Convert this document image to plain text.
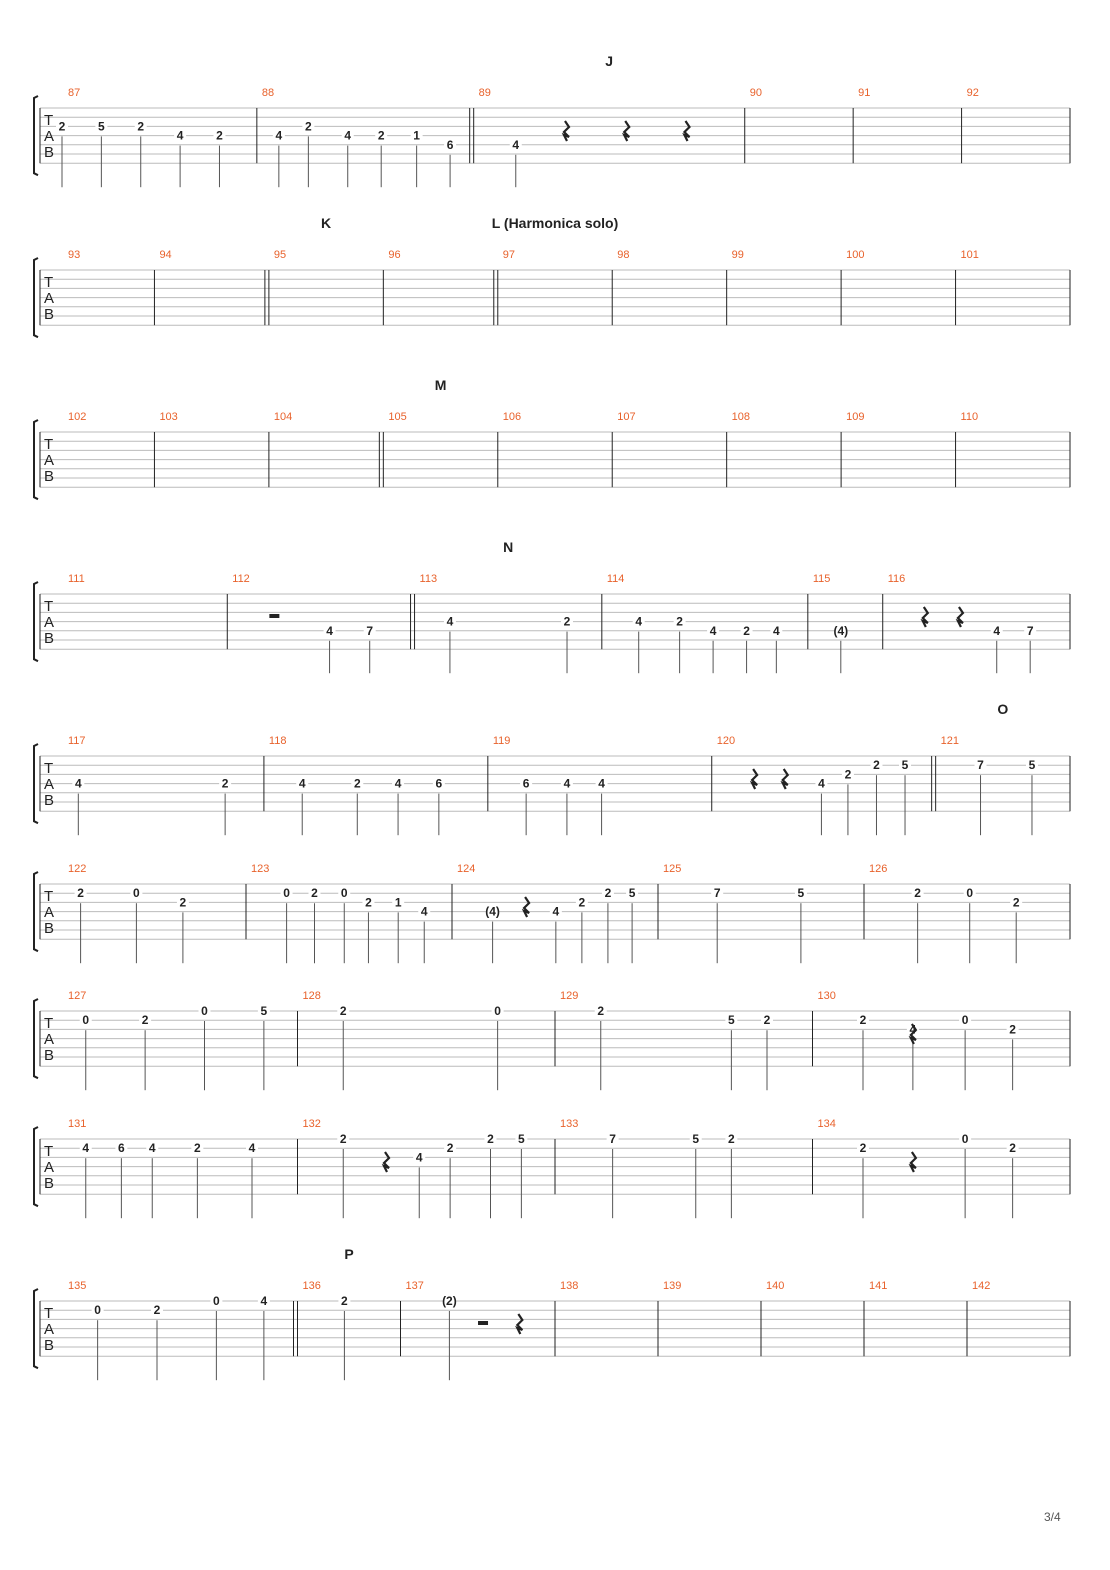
T
A
B
87	88	89	90	91	92
J
2	5	2
4	2	4
2
4 2 1
6	4
T
A
B
93	94	95	96	97	98	99	100	101
K	L (Harmonica solo)
T
A
B
102	103	104	105	106	107	108	109	110
M
T
A
B
111	112	113	114	115	116
N
4	7
4	2	4	2
4 2 4	(4)	4 7
T
A
B
117	118	119	120	121
O
4	2	4	2	4	6	6	4 4	4
2
2 5	7	5
T
A
B
122	123	124	125	126
2	0
2
0 2 0
2 1
4	(4)	4
2
2 5	7	5	2	0
2
T
A
B
127	128	129	130
0	2
0	5	2	0	2
5 2	2
4
0
2
T
A
B
131	132	133	134
4 6 4	2	4
2
4
2
2 5	7	5 2
2
0
2
T
A
B
135	136	137	138	139	140	141	142
P
0	2
0	4	2	(2)
3/4
